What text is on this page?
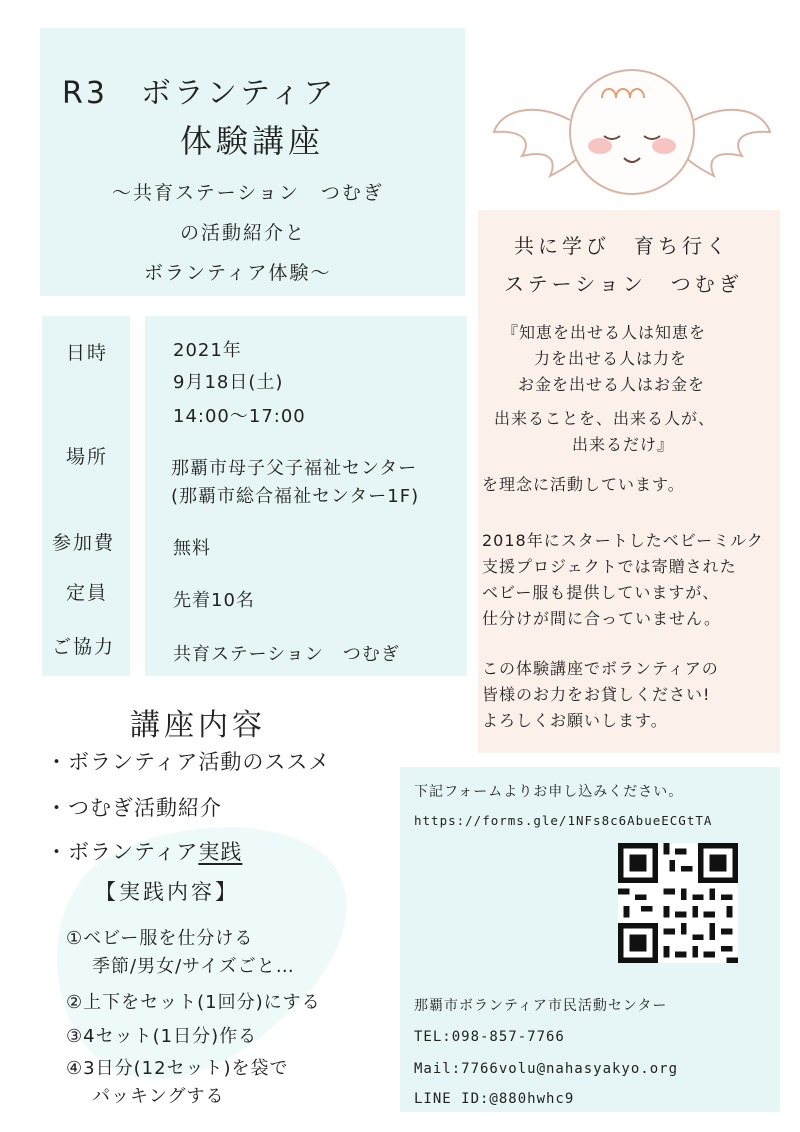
R3　ボランティア
体験講座
〜共育ステーション　つむぎ
の活動紹介と
ボランティア体験〜
日時
場所
参加費
定員
ご協力
2021年
9月18日(土)
14:00〜17:00
那覇市母子父子福祉センター
(那覇市総合福祉センター1F)
無料
先着10名
共育ステーション　つむぎ
共に学び　育ち行く
ステーション　つむぎ
『知恵を出せる人は知恵を
力を出せる人は力を
お金を出せる人はお金を
出来ることを、出来る人が、
出来るだけ』
を理念に活動しています。
2018年にスタートしたベビーミルク
支援プロジェクトでは寄贈された
ベビー服も提供していますが、
仕分けが間に合っていません。
この体験講座でボランティアの
皆様のお力をお貸しください!
よろしくお願いします。
講座内容
・ボランティア活動のススメ
・つむぎ活動紹介
・ボランティア実践
【実践内容】
①ベビー服を仕分ける
季節/男女/サイズごと…
②上下をセット(1回分)にする
③4セット(1日分)作る
④3日分(12セット)を袋で
パッキングする
下記フォームよりお申し込みください。
https://forms.gle/1NFs8c6AbueECGtTA
那覇市ボランティア市民活動センター
TEL:098-857-7766
Mail:7766volu@nahasyakyo.org
LINE ID:@880hwhc9
